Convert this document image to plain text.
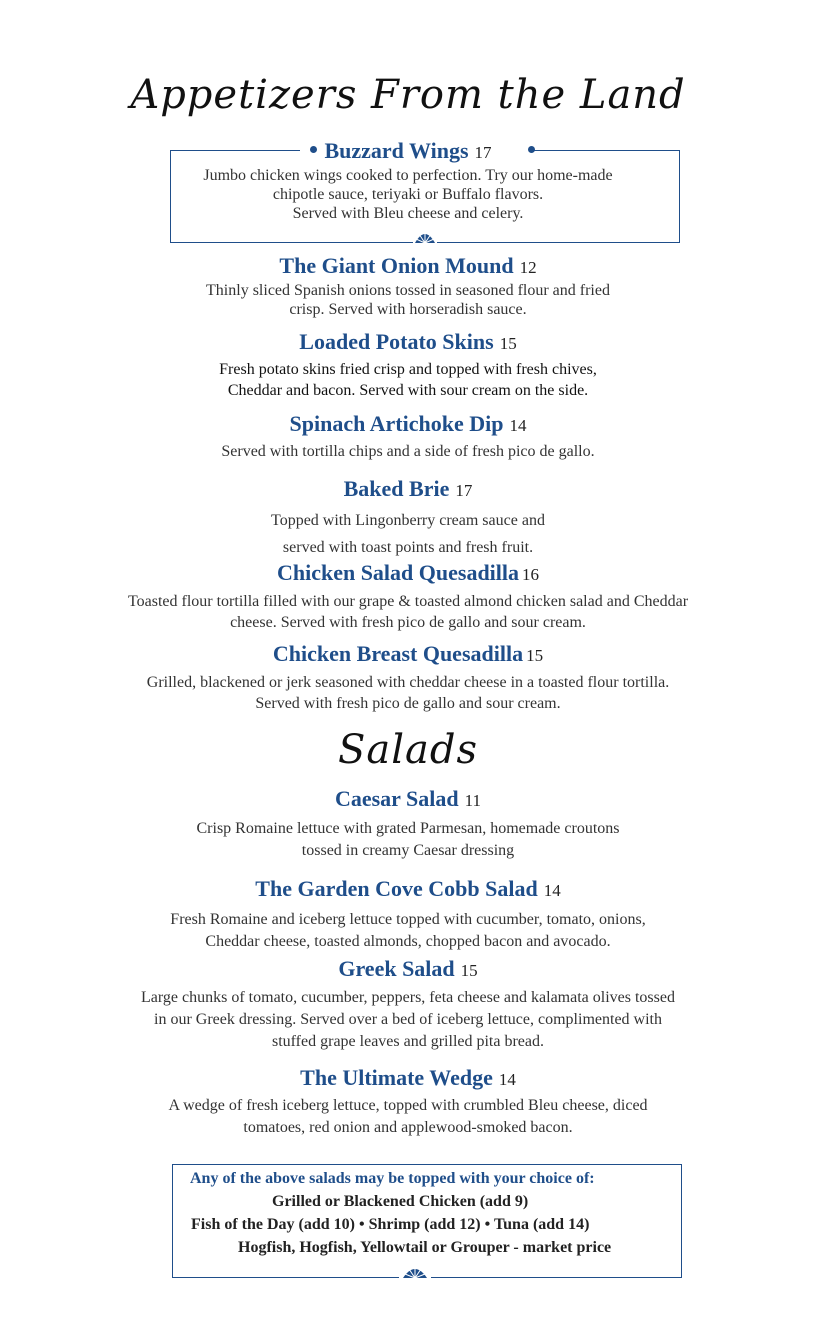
Appetizers From the Land
Buzzard Wings 17
Jumbo chicken wings cooked to perfection. Try our home-made
chipotle sauce, teriyaki or Buffalo flavors.
Served with Bleu cheese and celery.
The Giant Onion Mound 12
Thinly sliced Spanish onions tossed in seasoned flour and fried
crisp. Served with horseradish sauce.
Loaded Potato Skins 15
Fresh potato skins fried crisp and topped with fresh chives,
Cheddar and bacon. Served with sour cream on the side.
Spinach Artichoke Dip 14
Served with tortilla chips and a side of fresh pico de gallo.
Baked Brie 17
Topped with Lingonberry cream sauce and
served with toast points and fresh fruit.
Chicken Salad Quesadilla 16
Toasted flour tortilla filled with our grape & toasted almond chicken salad and Cheddar
cheese. Served with fresh pico de gallo and sour cream.
Chicken Breast Quesadilla 15
Grilled, blackened or jerk seasoned with cheddar cheese in a toasted flour tortilla.
Served with fresh pico de gallo and sour cream.
Salads
Caesar Salad 11
Crisp Romaine lettuce with grated Parmesan, homemade croutons
tossed in creamy Caesar dressing
The Garden Cove Cobb Salad 14
Fresh Romaine and iceberg lettuce topped with cucumber, tomato, onions,
Cheddar cheese, toasted almonds, chopped bacon and avocado.
Greek Salad 15
Large chunks of tomato, cucumber, peppers, feta cheese and kalamata olives tossed
in our Greek dressing. Served over a bed of iceberg lettuce, complimented with
stuffed grape leaves and grilled pita bread.
The Ultimate Wedge 14
A wedge of fresh iceberg lettuce, topped with crumbled Bleu cheese, diced
tomatoes, red onion and applewood-smoked bacon.
Any of the above salads may be topped with your choice of:
Grilled or Blackened Chicken (add 9)
Fish of the Day (add 10) • Shrimp (add 12) • Tuna (add 14)
Hogfish, Hogfish, Yellowtail or Grouper - market price
